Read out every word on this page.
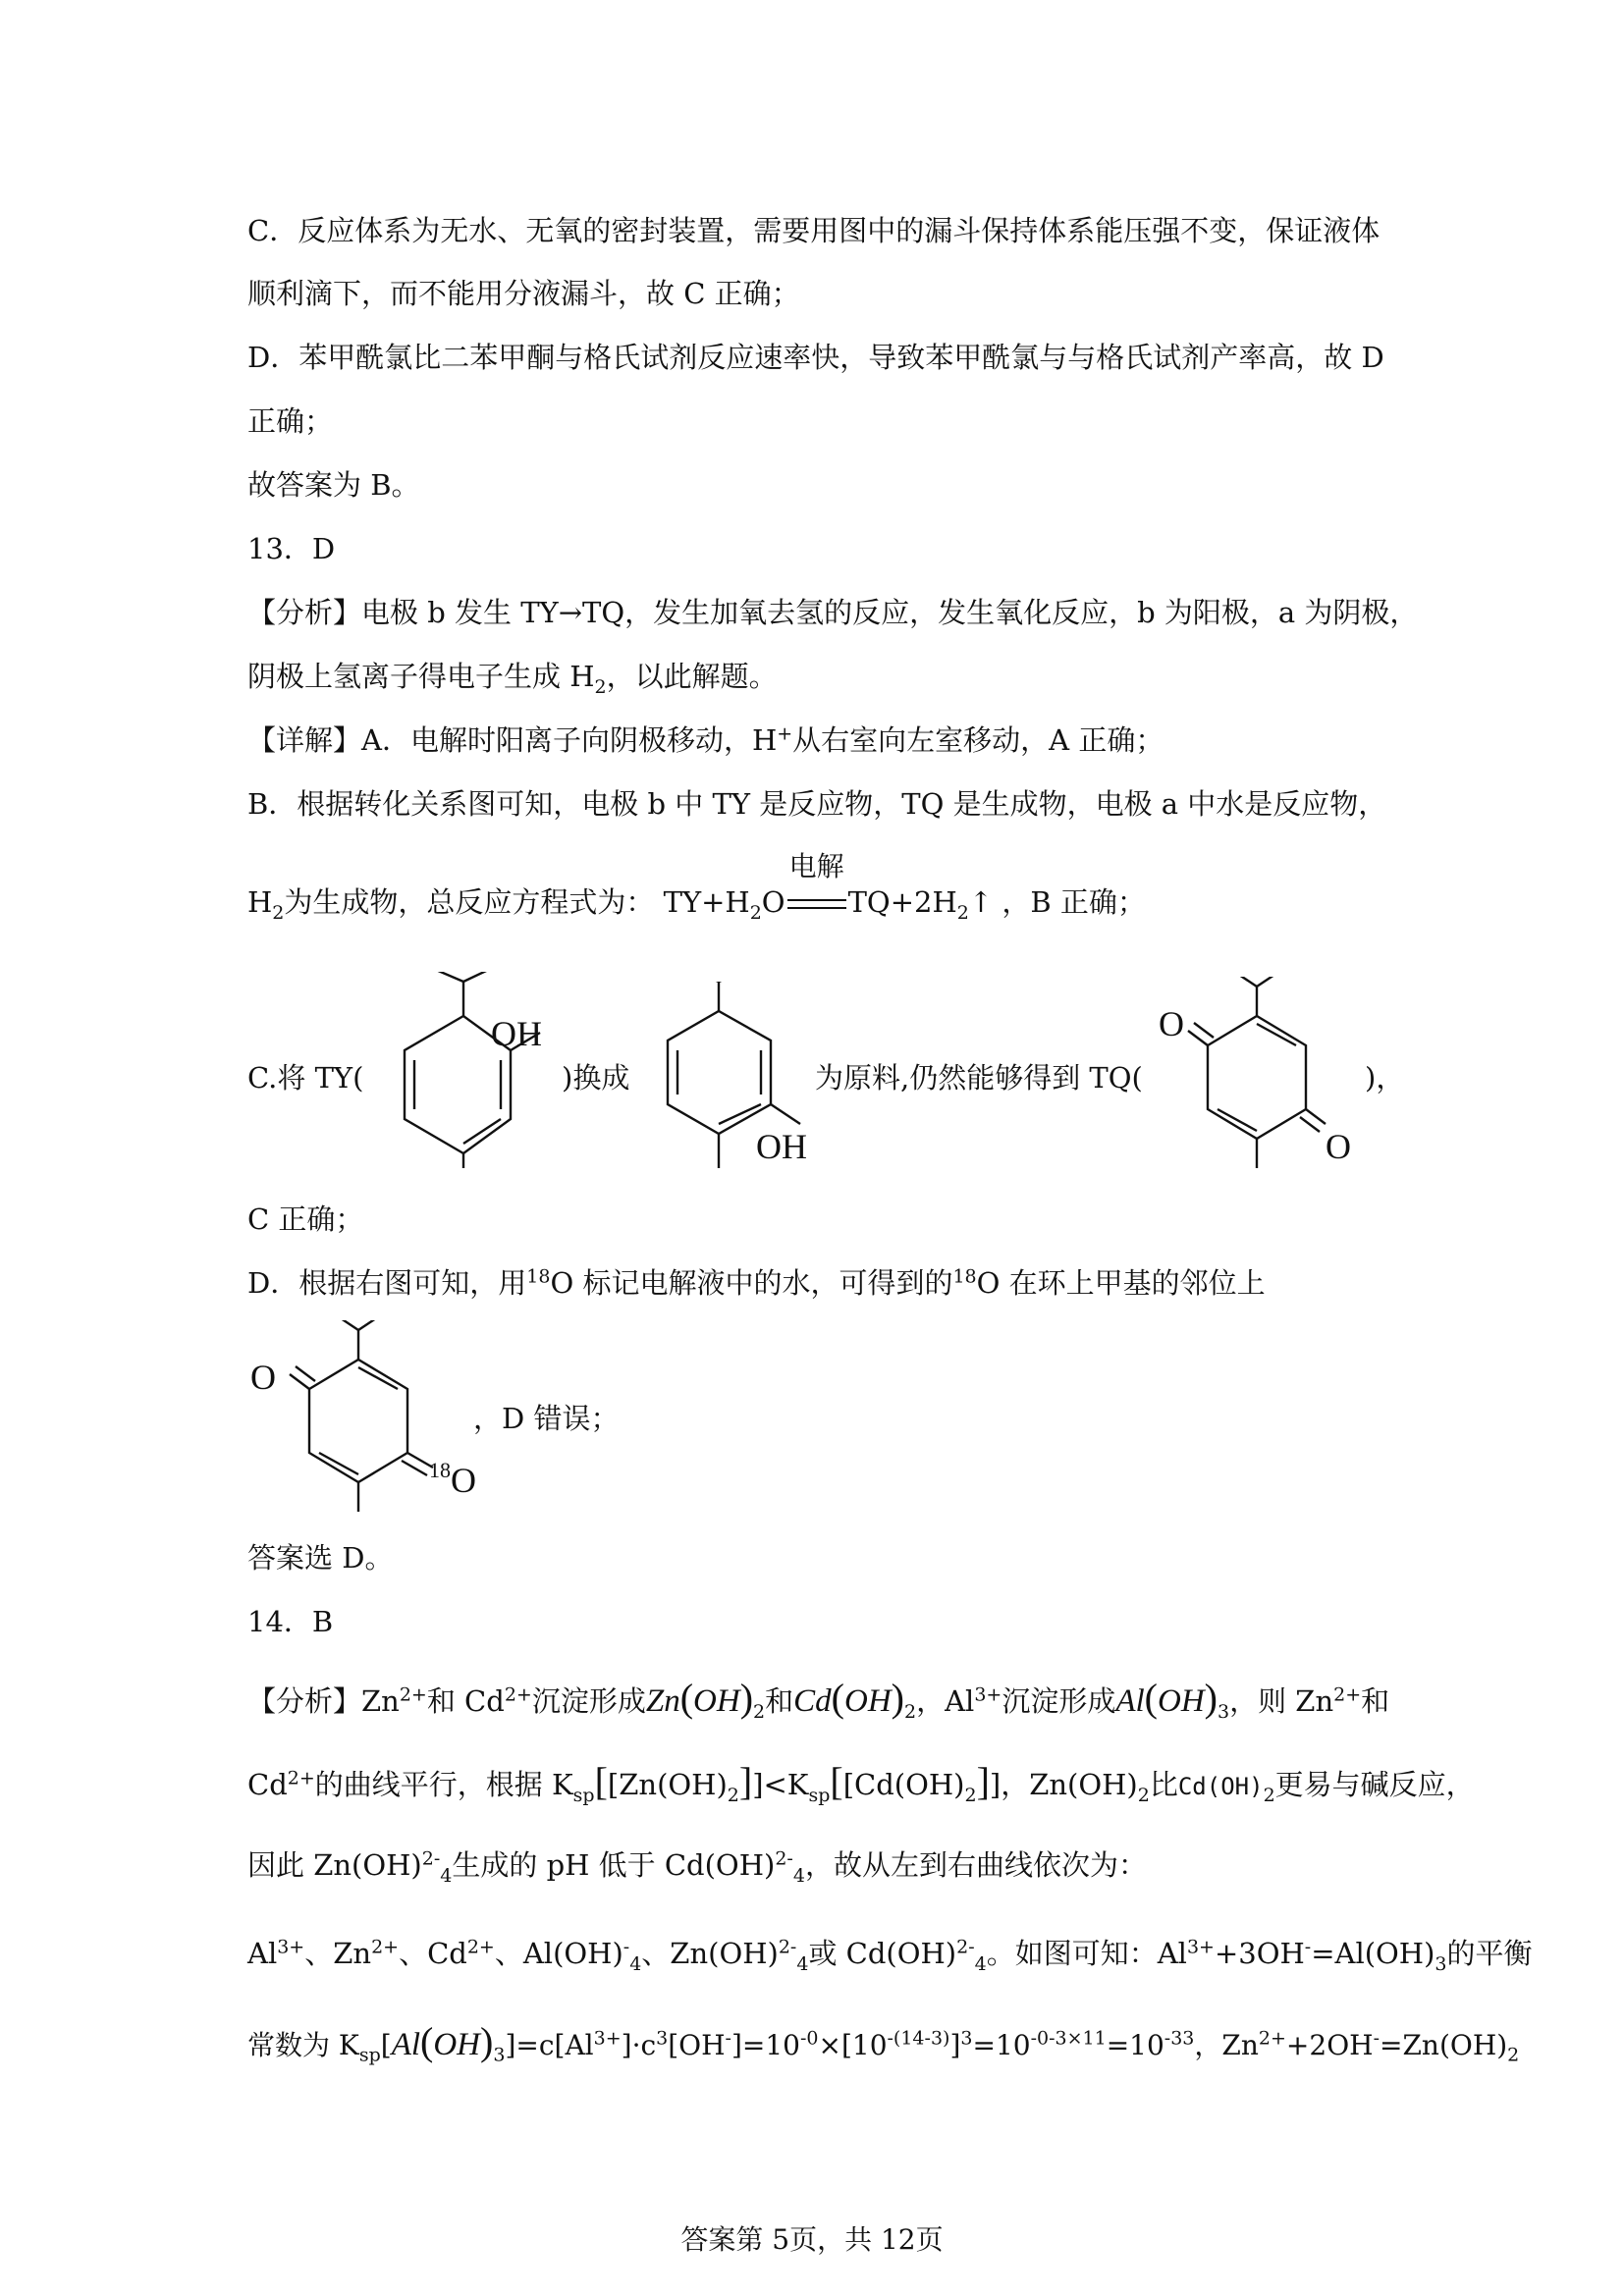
C．反应体系为无水、无氧的密封装置，需要用图中的漏斗保持体系能压强不变，保证液体
顺利滴下，而不能用分液漏斗，故 C 正确；
D．苯甲酰氯比二苯甲酮与格氏试剂反应速率快，导致苯甲酰氯与与格氏试剂产率高，故 D
正确；
故答案为 B。
13．D
【分析】电极 b 发生 TY→TQ，发生加氧去氢的反应，发生氧化反应，b 为阳极，a 为阴极，
阴极上氢离子得电子生成 $H_2$，以此解题。
【详解】A．电解时阳离子向阴极移动，H+从右室向左室移动，A 正确；
B．根据转化关系图可知，电极 b 中 TY 是反应物，TQ 是生成物，电极 a 中水是反应物，
$H_2$为生成物，总反应方程式为： $TY+H_2O$
电解
$TQ+2H_2↑$ ，B 正确；
C.将 TY(
OH
)换成
OH
为原料,仍然能够得到 TQ(
O
O
)，
C 正确；
D．根据右图可知，用$^{18}$O 标记电解液中的水，可得到的$^{18}$O 在环上甲基的邻位上
O
18 O
，D 错误；
答案选 D。
14．B
【分析】$Zn^{2+}$和 $Cd^{2+}$沉淀形成$Zn(OH)_2$和$Cd(OH)_2$，$Al^{3+}$沉淀形成$Al(OH)_3$，则 $Zn^{2+}$和
$Cd^{2+}$的曲线平行，根据 $K_{sp}[[Zn(OH)_2]]<K_{sp}[[Cd(OH)_2]]$，$Zn(OH)_2$比$Cd(OH)_2$更易与碱反应，
因此 Zn(OH)$^{2-}_4$生成的 pH 低于 Cd(OH)$^{2-}_4$，故从左到右曲线依次为：
$Al^{3+}$、$Zn^{2+}$、$Cd^{2+}$、$Al(OH)^-_4$、Zn(OH)$^{2-}_4$或 Cd(OH)$^{2-}_4$。如图可知：$Al^{3+}+3OH^-=Al(OH)_3$的平衡
常数为 $K_{sp}[Al(OH)_3]=c[Al^{3+}]\cdot c^3[OH^-]=10^{-0}\times[10^{-(14-3)}]^3=10^{-0-3\times 11}=10^{-33}$，$Zn^{2+}+2OH^-=Zn(OH)_2$
答案第 5页，共 12页
